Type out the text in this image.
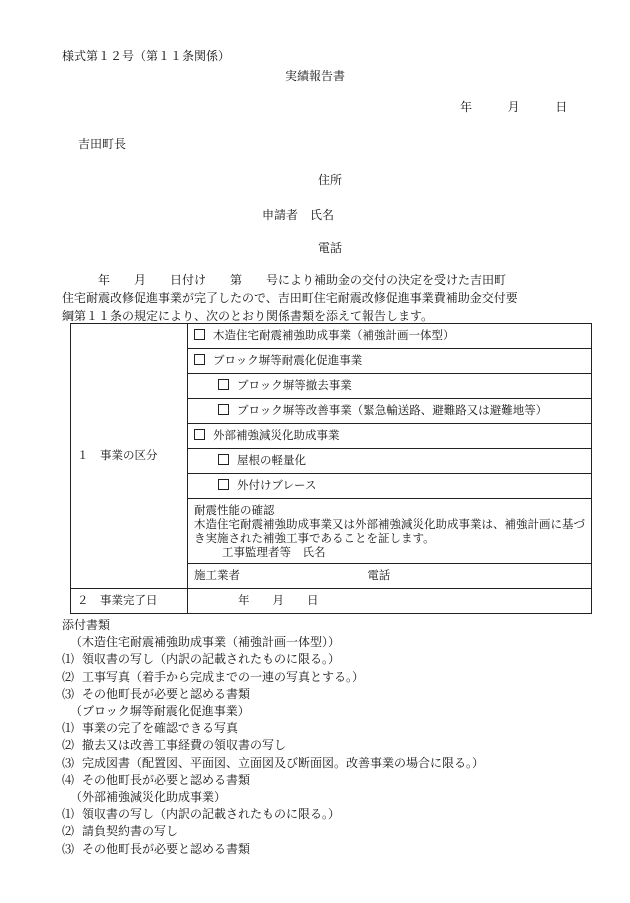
様式第１２号（第１１条関係）
実績報告書
年	月	日
吉田町長
住所
申請者　氏名
電話
年　　月　　日付け　　第　　号により補助金の交付の決定を受けた吉田町
住宅耐震改修促進事業が完了したので、吉田町住宅耐震改修促進事業費補助金交付要
綱第１１条の規定により、次のとおり関係書類を添えて報告します。
１　事業の区分	木造住宅耐震補強助成事業（補強計画一体型）
	ブロック塀等耐震化促進事業
	ブロック塀等撤去事業
	ブロック塀等改善事業（緊急輸送路、避難路又は避難地等）
	外部補強減災化助成事業
	屋根の軽量化
	外付けブレース

	耐震性能の確認
木造住宅耐震補強助成事業又は外部補強減災化助成事業は、補強計画に基づ
き実施された補強工事であることを証します。
工事監理者等　氏名

	施工業者 電話
２　事業完了日	年　　月　　日
添付書類
（木造住宅耐震補強助成事業（補強計画一体型））
⑴ 領収書の写し（内訳の記載されたものに限る。）
⑵ 工事写真（着手から完成までの一連の写真とする。）
⑶ その他町長が必要と認める書類
（ブロック塀等耐震化促進事業）
⑴ 事業の完了を確認できる写真
⑵ 撤去又は改善工事経費の領収書の写し
⑶ 完成図書（配置図、平面図、立面図及び断面図。改善事業の場合に限る。）
⑷ その他町長が必要と認める書類
（外部補強減災化助成事業）
⑴ 領収書の写し（内訳の記載されたものに限る。）
⑵ 請負契約書の写し
⑶ その他町長が必要と認める書類
